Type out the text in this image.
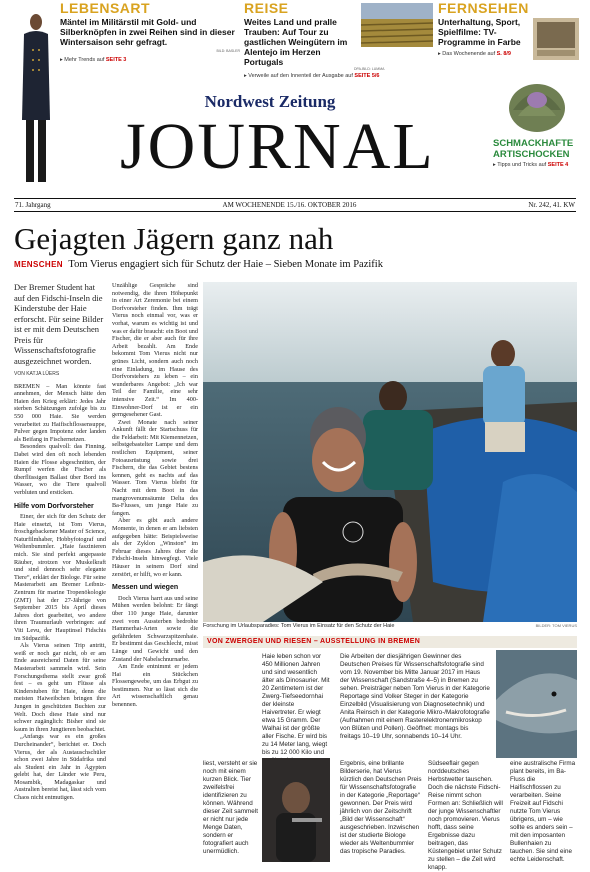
LEBENSART
Mäntel im Militärstil mit Gold- und Silberknöpfen in zwei Reihen sind in dieser Wintersaison sehr gefragt.
BILD: BASLER
▸ Mehr Trends auf SEITE 3
REISE
Weites Land und pralle Trauben: Auf Tour zu gastlichen Weingütern im Alentejo im Herzen Portugals
DPA-BILD: LUMMA
▸ Verweile auf den Innenteil der Ausgabe auf SEITE 5/6
FERNSEHEN
Unterhaltung, Sport, Spielfilme: TV-Programme in Farbe
▸ Das Wochenende auf S. 8/9
SCHMACKHAFTE ARTISCHOCKEN
▸ Tipps und Tricks auf SEITE 4
Nordwest Zeitung
JOURNAL
71. Jahrgang	AM WOCHENENDE 15./16. OKTOBER 2016	Nr. 242, 41. KW
Gejagten Jägern ganz nah
MENSCHEN Tom Vierus engagiert sich für Schutz der Haie – Sieben Monate im Pazifik
Der Bremer Student hat auf den Fidschi-Inseln die Kinderstube der Haie erforscht. Für seine Bilder ist er mit dem Deutschen Preis für Wissenschaftsfotografie ausgezeichnet worden.
VON KATJA LÜERS

BREMEN – Man könnte fast annehmen, der Mensch hätte den Haien den Krieg erklärt: Jedes Jahr sterben Schätzungen zufolge bis zu 550 000 Haie. Sie werden verarbeitet zu Haifischflossensuppe, Pulver gegen Impotenz oder landen als Beifang in Fischernetzen.

Besonders qualvoll: das Finning. Dabei wird den oft noch lebenden Haien die Flosse abgeschnitten, der Rumpf werfen die Fischer als überflüssigen Ballast über Bord ins Wasser, wo die Tiere qualvoll verbluten und ersticken.

Hilfe vom Dorfvorsteher

Einer, der sich für den Schutz der Haie einsetzt, ist Tom Vierus, froschgebackener Master of Science, Naturfilmhaber, Hobbyfotograf und Weltenbummler. „Haie faszinieren mich. Sie sind perfekt angepasste Räuber, strotzen vor Muskelkraft und sind dennoch sehr elegante Tiere“, erklärt der Biologe. Für seine Masterarbeit am Bremer Leibniz-Zentrum für marine Tropenökologie (ZMT) hat der 27-Jährige von September 2015 bis April dieses Jahres dort gearbeitet, wo andere ihren Traumurlaub verbringen: auf Viti Levu, der Hauptinsel Fidschis im Südpazifik.

Als Vierus seinen Trip antritt, weiß er noch gar nicht, ob er am Ende ausreichend Daten für seine Masterarbeit sammeln wird. Sein Forschungsthema stellt zwar groß fest – es geht um Flüsse als Kinderstuben für Haie, denn die meisten Haiweibchen bringen ihre Jungen in geschützten Buchten zur Welt. Doch diese Haie sind nur schwer zugänglich: Bisher sind sie kaum in ihren Jungtieren beobachtet.

„Anfangs war es ein großes Durcheinander“, berichtet er. Doch Vierus, der als Austauschschüler schon zwei Jahre in Südafrika und als Student ein Jahr in Ägypten gelebt hat, der Länder wie Peru, Mosambik, Madagaskar und Australien bereist hat, lässt sich vom Chaos nicht entmutigen.

Unzählige Gespräche sind notwendig, die ihren Höhepunkt in einer Art Zeremonie bei einem Dorfvorsteher finden. Ihm trägt Vierus noch einmal vor, was er vorhat, warum es wichtig ist und was er dafür braucht: ein Boot und Fischer, die er aber auch für ihre Arbeit bezahlt. Am Ende bekommt Tom Vierus nicht nur grünes Licht, sondern auch noch eine Einladung, im Hause des Dorfvorstehers zu leben – ein wunderbares Angebot: „Ich war Teil der Familie, eine sehr intensive Zeit.“ Im 400-Einwohner-Dorf ist er ein gerngesehener Gast.

Zwei Monate nach seiner Ankunft fällt der Startschuss für die Feldarbeit: Mit Kiemennetzen, selbstgebastelter Lampe und dem restlichen Equipment, seiner Fotoausrüstung sowie drei Fischern, die das Gebiet bestens kennen, geht es nachts auf das Wasser. Tom Vierus bleibt für Nacht mit dem Boot in das mangrovenumsäumte Delta des Ba-Flusses, um junge Haie zu fangen.

Aber es gibt auch andere Momente, in denen er am liebsten aufgegeben hätte: Beispielsweise als der Zyklon „Winston“ im Februar dieses Jahres über die Fidschi-Inseln hinwegfegt. Viele Häuser in seinem Dorf sind zerstört, er hilft, wo er kann.

Messen und wiegen

Doch Vierus harrt aus und seine Mühen werden belohnt: Er fängt über 110 junge Haie, darunter zwei vom Aussterben bedrohte Hammerhai-Arten sowie die gefährdeten Schwarzspitzenhaie. Er bestimmt das Geschlecht, misst Länge und Gewicht und den Zustand der Nabelschnurnarbe.

Am Ende entnimmt er jedem Hai ein Stückchen Flossengewebe, um das Erbgut zu bestimmen. Nur so lässt sich die Art wissenschaftlich genau benennen.

Forschung im Urlaubsparadies: Tom Vierus im Einsatz für den Schutz der Haie	BILDER: TOM VIERUS
VON ZWERGEN UND RIESEN – AUSSTELLUNG IN BREMEN
Haie leben schon vor 450 Millionen Jahren und sind wesentlich älter als Dinosaurier. Mit 20 Zentimetern ist der Zwerg-Tiefseedornhai der kleinste Haivertreter. Er wiegt etwa 15 Gramm. Der Walhai ist der größte aller Fische. Er wird bis zu 14 Meter lang, wiegt bis zu 12 000 Kilo und
Die Arbeiten der diesjährigen Gewinner des Deutschen Preises für Wissenschaftsfotografie sind vom 19. November bis Mitte Januar 2017 im Haus der Wissenschaft (Sandstraße 4–5) in Bremen zu sehen. Preisträger neben Tom Vierus in der Kategorie Reportage sind Volker Steger in der Kategorie Einzelbild (Visualisierung von Diagnosetechnik) und Anita Reinsch in der Kategorie Mikro-/Makrofotografie (Aufnahmen mit einem Rasterelektronenmikroskop von Blüten und Pollen). Geöffnet: montags bis freitags 10–19 Uhr, sonnabends 10–14 Uhr.
Ergebnis, eine brillante Bilderserie, hat Vierus kürzlich den Deutschen Preis für Wissenschaftsfotografie in der Kategorie „Reportage“ gewonnen. Der Preis wird jährlich von der Zeitschrift „Bild der Wissenschaft“ ausgeschrieben. Inzwischen ist der studierte Biologe wieder als Weltenbummler das tropische Paradies.
Südseeflair gegen norddeutsches Herbstwetter tauschen. Doch die nächste Fidschi-Reise nimmt schon Formen an: Schließlich will der junge Wissenschaftler noch promovieren. Vierus hofft, dass seine Ergebnisse dazu beitragen, das Küstengebiet unter Schutz zu stellen – die Zeit wird knapp.
eine australische Firma plant bereits, im Ba-Fluss die Haifischflossen zu verarbeiten. Seine Freizeit auf Fidschi nutzte Tom Vierus übrigens, um – wie sollte es anders sein – mit den imposanten Bullenhaien zu tauchen. Sie sind eine echte Leidenschaft.
liest, versteht er sie noch mit einem kurzen Blick. Tier zweifelsfrei identifizieren zu können. Während dieser Zeit sammelt er nicht nur jede Menge Daten, sondern er fotografiert auch unermüdlich.
